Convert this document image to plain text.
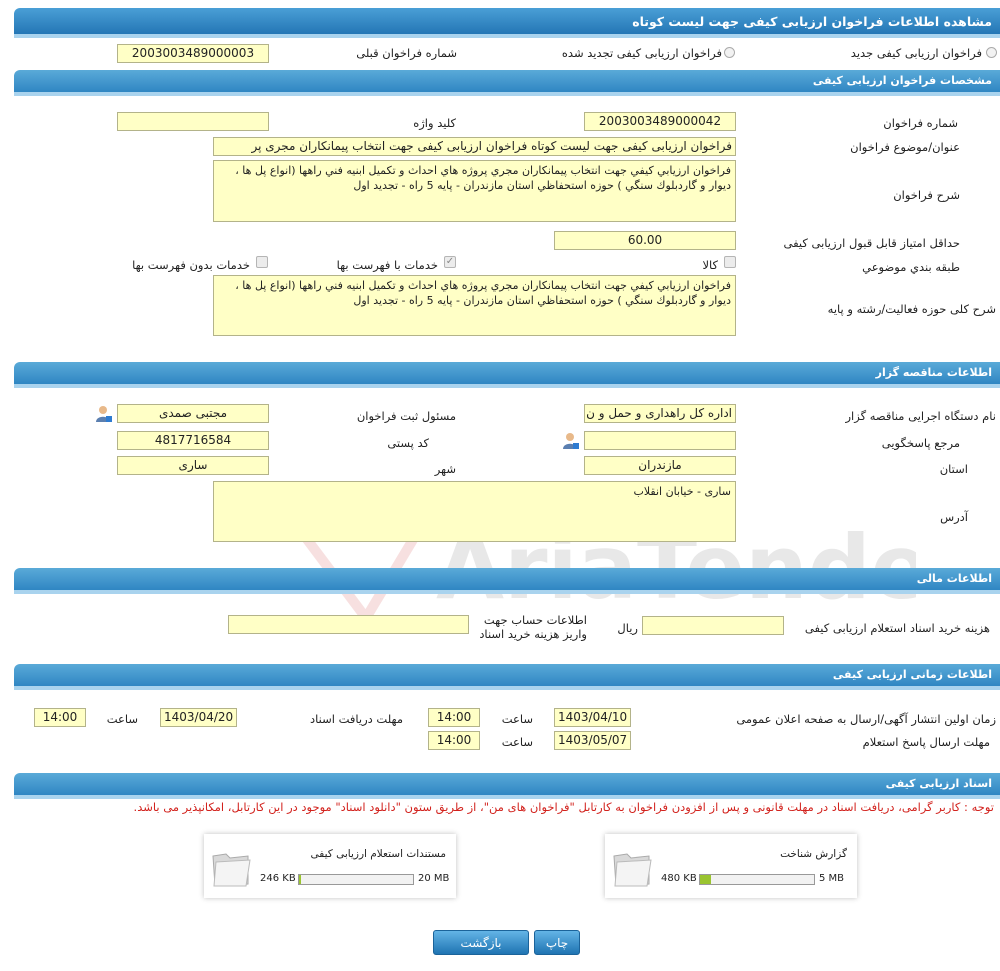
مشاهده اطلاعات فراخوان ارزیابی کیفی جهت لیست کوتاه
فراخوان ارزیابی کیفی جدید
فراخوان ارزیابی کیفی تجدید شده
شماره فراخوان قبلی
2003003489000003
مشخصات فراخوان ارزیابی کیفی
شماره فراخوان
2003003489000042
کلید واژه
عنوان/موضوع فراخوان
فراخوان ارزیابی کیفی جهت لیست کوتاه فراخوان ارزیابی کیفی جهت انتخاب پیمانکاران مجری پر
شرح فراخوان
فراخوان ارزيابي كيفي جهت انتخاب پيمانكاران مجري پروژه هاي احداث و تكميل ابنيه فني راهها (انواع پل ها ، ديوار و گاردبلوك سنگي ) حوزه استحفاظي استان مازندران - پايه 5 راه - تجديد اول
حداقل امتیاز قابل قبول ارزیابی کیفی
60.00
طبقه بندي موضوعي
کالا
✓
خدمات با فهرست بها
خدمات بدون فهرست بها
شرح کلی حوزه فعالیت/رشته و پایه
فراخوان ارزيابي كيفي جهت انتخاب پيمانكاران مجري پروژه هاي احداث و تكميل ابنيه فني راهها (انواع پل ها ، ديوار و گاردبلوك سنگي ) حوزه استحفاظي استان مازندران - پايه 5 راه - تجديد اول
اطلاعات مناقصه گزار
نام دستگاه اجرایی مناقصه گزار
اداره کل راهداری و حمل و ن
مسئول ثبت فراخوان
مجتبی صمدی
مرجع پاسخگویی
کد پستی
4817716584
استان
مازندران
شهر
ساری
آدرس
ساری - خیابان انقلاب
اطلاعات مالی
هزینه خرید اسناد استعلام ارزیابی کیفی
ریال
اطلاعات حساب جهت
واریز هزینه خرید اسناد
اطلاعات زمانی ارزیابی کیفی
زمان اولین انتشار آگهی/ارسال به صفحه اعلان عمومی
1403/04/10
ساعت
14:00
مهلت دریافت اسناد
1403/04/20
ساعت
14:00
مهلت ارسال پاسخ استعلام
1403/05/07
ساعت
14:00
اسناد ارزیابی کیفی
توجه : کاربر گرامی، دریافت اسناد در مهلت قانونی و پس از افزودن فراخوان به کارتابل "فراخوان های من"، از طریق ستون "دانلود اسناد" موجود در این کارتابل، امکانپذیر می باشد.
مستندات استعلام ارزیابی کیفی
246 KB	20 MB
گزارش شناخت
480 KB	5 MB
چاپ
بازگشت
